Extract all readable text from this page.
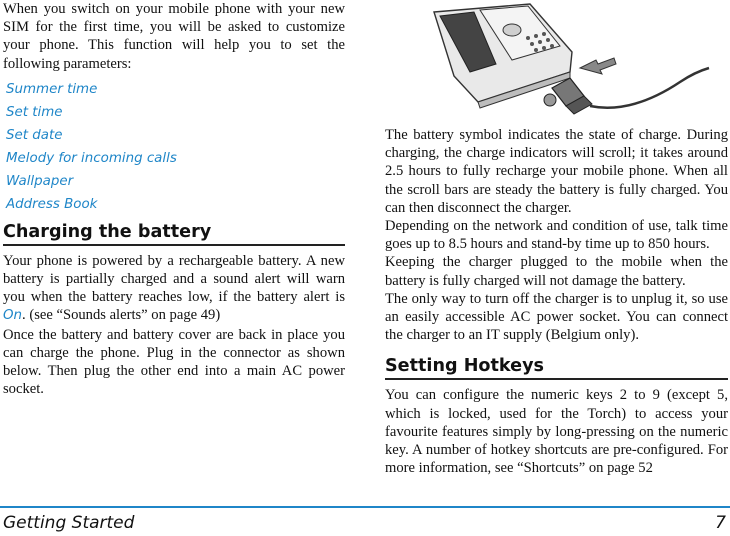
When you switch on your mobile phone with your new SIM for the first time, you will be asked to customize your phone. This function will help you to set the following parameters:

Summer time
Set time
Set date
Melody for incoming calls
Wallpaper
Address Book
Charging the battery

Your phone is powered by a rechargeable battery. A new battery is partially charged and a sound alert will warn you when the battery reaches low, if the battery alert is On. (see “Sounds alerts” on page 49)

Once the battery and battery cover are back in place you can charge the phone. Plug in the connector as shown below. Then plug the other end into a main AC power socket.

The battery symbol indicates the state of charge. During charging, the charge indicators will scroll; it takes around 2.5 hours to fully recharge your mobile phone. When all the scroll bars are steady the battery is fully charged. You can then disconnect the charger.

Depending on the network and condition of use, talk time goes up to 8.5 hours and stand-by time up to 850 hours.

Keeping the charger plugged to the mobile when the battery is fully charged will not damage the battery.

The only way to turn off the charger is to unplug it, so use an easily accessible AC power socket. You can connect the charger to an IT supply (Belgium only).

Setting Hotkeys

You can configure the numeric keys 2 to 9 (except 5, which is locked, used for the Torch) to access your favourite features simply by long-pressing on the numeric key. A number of hotkey shortcuts are pre-configured. For more information, see “Shortcuts” on page 52

Getting Started	7
